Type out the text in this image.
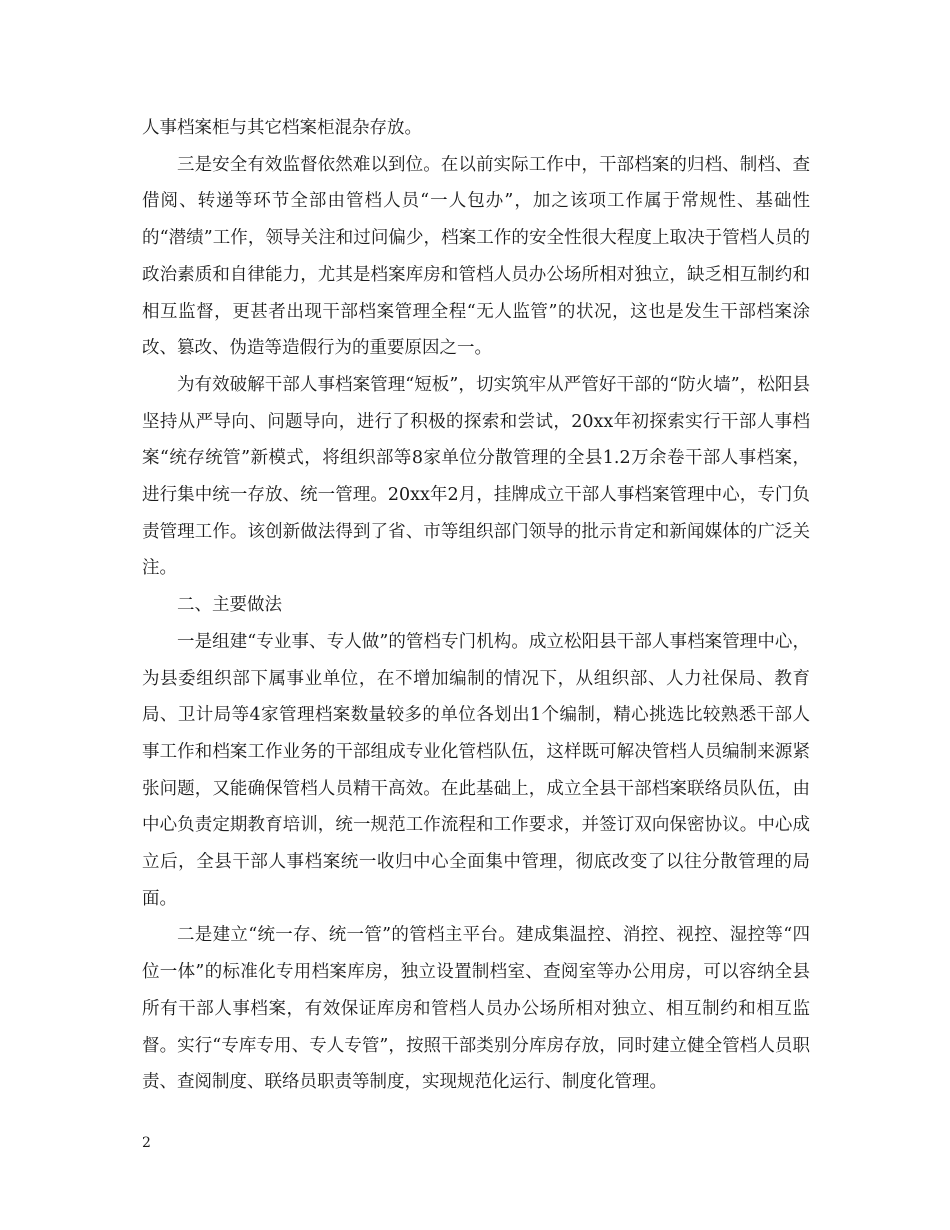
人事档案柜与其它档案柜混杂存放。

三是安全有效监督依然难以到位。在以前实际工作中，干部档案的归档、制档、查借阅、转递等环节全部由管档人员“一人包办”，加之该项工作属于常规性、基础性的“潜绩”工作，领导关注和过问偏少，档案工作的安全性很大程度上取决于管档人员的政治素质和自律能力，尤其是档案库房和管档人员办公场所相对独立，缺乏相互制约和相互监督，更甚者出现干部档案管理全程“无人监管”的状况，这也是发生干部档案涂改、篡改、伪造等造假行为的重要原因之一。

为有效破解干部人事档案管理“短板”，切实筑牢从严管好干部的“防火墙”，松阳县坚持从严导向、问题导向，进行了积极的探索和尝试，20xx年初探索实行干部人事档案“统存统管”新模式，将组织部等8家单位分散管理的全县1.2万余卷干部人事档案，进行集中统一存放、统一管理。20xx年2月，挂牌成立干部人事档案管理中心，专门负责管理工作。该创新做法得到了省、市等组织部门领导的批示肯定和新闻媒体的广泛关注。

二、主要做法

一是组建“专业事、专人做”的管档专门机构。成立松阳县干部人事档案管理中心，为县委组织部下属事业单位，在不增加编制的情况下，从组织部、人力社保局、教育局、卫计局等4家管理档案数量较多的单位各划出1个编制，精心挑选比较熟悉干部人事工作和档案工作业务的干部组成专业化管档队伍，这样既可解决管档人员编制来源紧张问题，又能确保管档人员精干高效。在此基础上，成立全县干部档案联络员队伍，由中心负责定期教育培训，统一规范工作流程和工作要求，并签订双向保密协议。中心成立后，全县干部人事档案统一收归中心全面集中管理，彻底改变了以往分散管理的局面。

二是建立“统一存、统一管”的管档主平台。建成集温控、消控、视控、湿控等“四位一体”的标准化专用档案库房，独立设置制档室、查阅室等办公用房，可以容纳全县所有干部人事档案，有效保证库房和管档人员办公场所相对独立、相互制约和相互监督。实行“专库专用、专人专管”，按照干部类别分库房存放，同时建立健全管档人员职责、查阅制度、联络员职责等制度，实现规范化运行、制度化管理。

2
